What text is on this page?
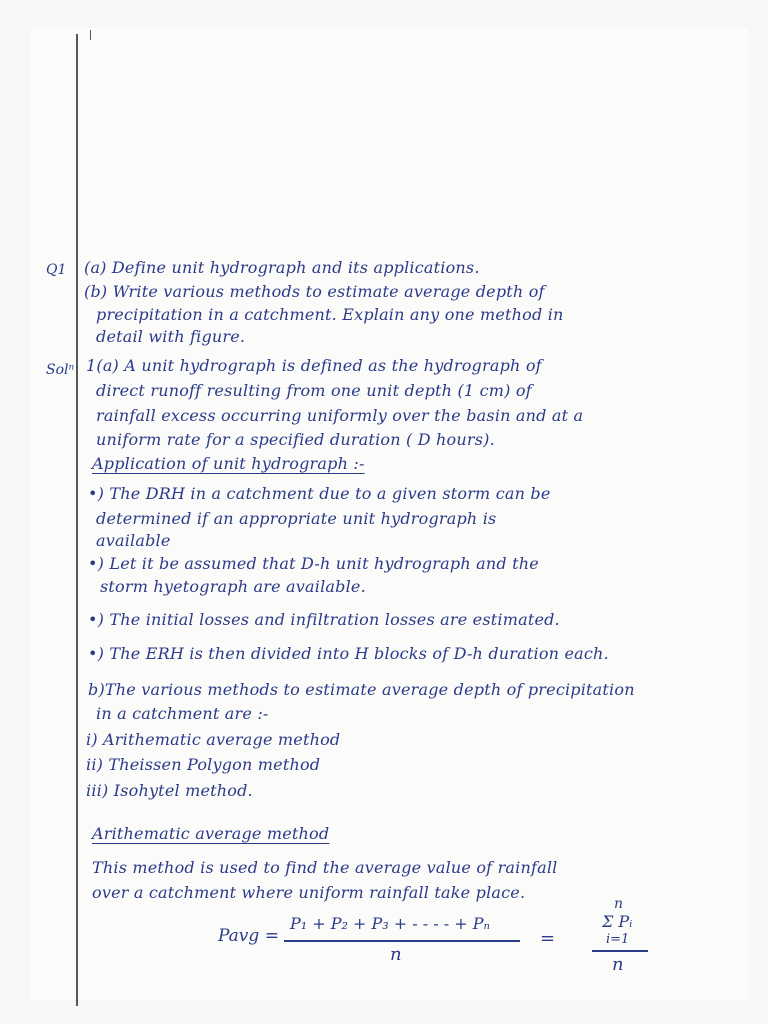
Q1 (a) Define unit hydrograph and its applications.
(b) Write various methods to estimate average depth of
precipitation in a catchment. Explain any one method in
detail with figure.
Solⁿ 1(a) A unit hydrograph is defined as the hydrograph of
direct runoff resulting from one unit depth (1 cm) of
rainfall excess occurring uniformly over the basin and at a
uniform rate for a specified duration ( D hours).
Application of unit hydrograph :-
•) The DRH in a catchment due to a given storm can be
determined if an appropriate unit hydrograph is
available
•) Let it be assumed that D-h unit hydrograph and the
storm hyetograph are available.
•) The initial losses and infiltration losses are estimated.
•) The ERH is then divided into H blocks of D-h duration each.
b)The various methods to estimate average depth of precipitation
in a catchment are :-
i) Arithematic average method
ii) Theissen Polygon method
iii) Isohytel method.
Arithematic average method
This method is used to find the average value of rainfall
over a catchment where uniform rainfall take place.
Pavg =
P₁ + P₂ + P₃ + - - - - + Pₙ
n
=
n
Σ Pᵢ
i=1
n
